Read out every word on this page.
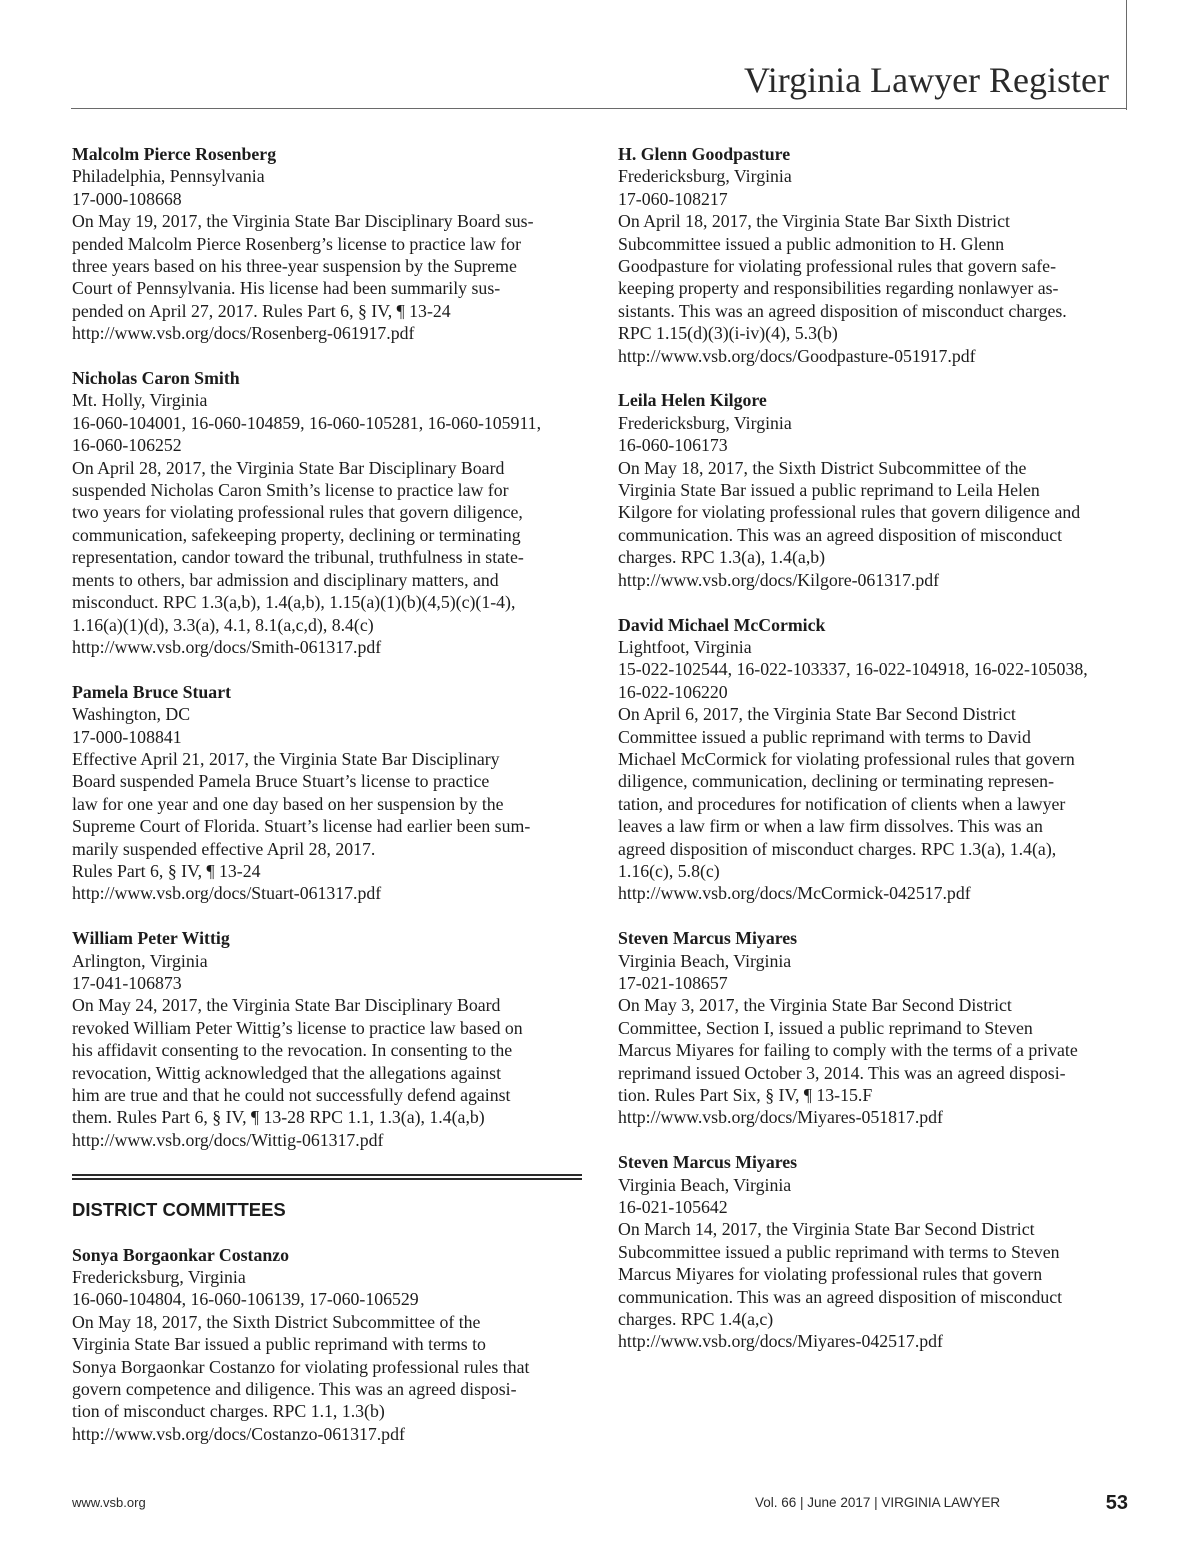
Virginia Lawyer Register
Malcolm Pierce Rosenberg
Philadelphia, Pennsylvania
17-000-108668
On May 19, 2017, the Virginia State Bar Disciplinary Board sus-
pended Malcolm Pierce Rosenberg’s license to practice law for
three years based on his three-year suspension by the Supreme
Court of Pennsylvania. His license had been summarily sus-
pended on April 27, 2017. Rules Part 6, § IV, ¶ 13-24
http://www.vsb.org/docs/Rosenberg-061917.pdf
Nicholas Caron Smith
Mt. Holly, Virginia
16-060-104001, 16-060-104859, 16-060-105281, 16-060-105911,
16-060-106252
On April 28, 2017, the Virginia State Bar Disciplinary Board
suspended Nicholas Caron Smith’s license to practice law for
two years for violating professional rules that govern diligence,
communication, safekeeping property, declining or terminating
representation, candor toward the tribunal, truthfulness in state-
ments to others, bar admission and disciplinary matters, and
misconduct. RPC 1.3(a,b), 1.4(a,b), 1.15(a)(1)(b)(4,5)(c)(1-4),
1.16(a)(1)(d), 3.3(a), 4.1, 8.1(a,c,d), 8.4(c)
http://www.vsb.org/docs/Smith-061317.pdf
Pamela Bruce Stuart
Washington, DC
17-000-108841
Effective April 21, 2017, the Virginia State Bar Disciplinary
Board suspended Pamela Bruce Stuart’s license to practice
law for one year and one day based on her suspension by the
Supreme Court of Florida. Stuart’s license had earlier been sum-
marily suspended effective April 28, 2017.
Rules Part 6, § IV, ¶ 13-24
http://www.vsb.org/docs/Stuart-061317.pdf
William Peter Wittig
Arlington, Virginia
17-041-106873
On May 24, 2017, the Virginia State Bar Disciplinary Board
revoked William Peter Wittig’s license to practice law based on
his affidavit consenting to the revocation. In consenting to the
revocation, Wittig acknowledged that the allegations against
him are true and that he could not successfully defend against
them. Rules Part 6, § IV, ¶ 13-28 RPC 1.1, 1.3(a), 1.4(a,b)
http://www.vsb.org/docs/Wittig-061317.pdf
DISTRICT COMMITTEES
Sonya Borgaonkar Costanzo
Fredericksburg, Virginia
16-060-104804, 16-060-106139, 17-060-106529
On May 18, 2017, the Sixth District Subcommittee of the
Virginia State Bar issued a public reprimand with terms to
Sonya Borgaonkar Costanzo for violating professional rules that
govern competence and diligence. This was an agreed disposi-
tion of misconduct charges. RPC 1.1, 1.3(b)
http://www.vsb.org/docs/Costanzo-061317.pdf
H. Glenn Goodpasture
Fredericksburg, Virginia
17-060-108217
On April 18, 2017, the Virginia State Bar Sixth District
Subcommittee issued a public admonition to H. Glenn
Goodpasture for violating professional rules that govern safe-
keeping property and responsibilities regarding nonlawyer as-
sistants. This was an agreed disposition of misconduct charges.
RPC 1.15(d)(3)(i-iv)(4), 5.3(b)
http://www.vsb.org/docs/Goodpasture-051917.pdf
Leila Helen Kilgore
Fredericksburg, Virginia
16-060-106173
On May 18, 2017, the Sixth District Subcommittee of the
Virginia State Bar issued a public reprimand to Leila Helen
Kilgore for violating professional rules that govern diligence and
communication. This was an agreed disposition of misconduct
charges. RPC 1.3(a), 1.4(a,b)
http://www.vsb.org/docs/Kilgore-061317.pdf
David Michael McCormick
Lightfoot, Virginia
15-022-102544, 16-022-103337, 16-022-104918, 16-022-105038,
16-022-106220
On April 6, 2017, the Virginia State Bar Second District
Committee issued a public reprimand with terms to David
Michael McCormick for violating professional rules that govern
diligence, communication, declining or terminating represen-
tation, and procedures for notification of clients when a lawyer
leaves a law firm or when a law firm dissolves. This was an
agreed disposition of misconduct charges. RPC 1.3(a), 1.4(a),
1.16(c), 5.8(c)
http://www.vsb.org/docs/McCormick-042517.pdf
Steven Marcus Miyares
Virginia Beach, Virginia
17-021-108657
On May 3, 2017, the Virginia State Bar Second District
Committee, Section I, issued a public reprimand to Steven
Marcus Miyares for failing to comply with the terms of a private
reprimand issued October 3, 2014. This was an agreed disposi-
tion. Rules Part Six, § IV, ¶ 13-15.F
http://www.vsb.org/docs/Miyares-051817.pdf
Steven Marcus Miyares
Virginia Beach, Virginia
16-021-105642
On March 14, 2017, the Virginia State Bar Second District
Subcommittee issued a public reprimand with terms to Steven
Marcus Miyares for violating professional rules that govern
communication. This was an agreed disposition of misconduct
charges. RPC 1.4(a,c)
http://www.vsb.org/docs/Miyares-042517.pdf
www.vsb.org	Vol. 66 | June 2017 | VIRGINIA LAWYER	53
